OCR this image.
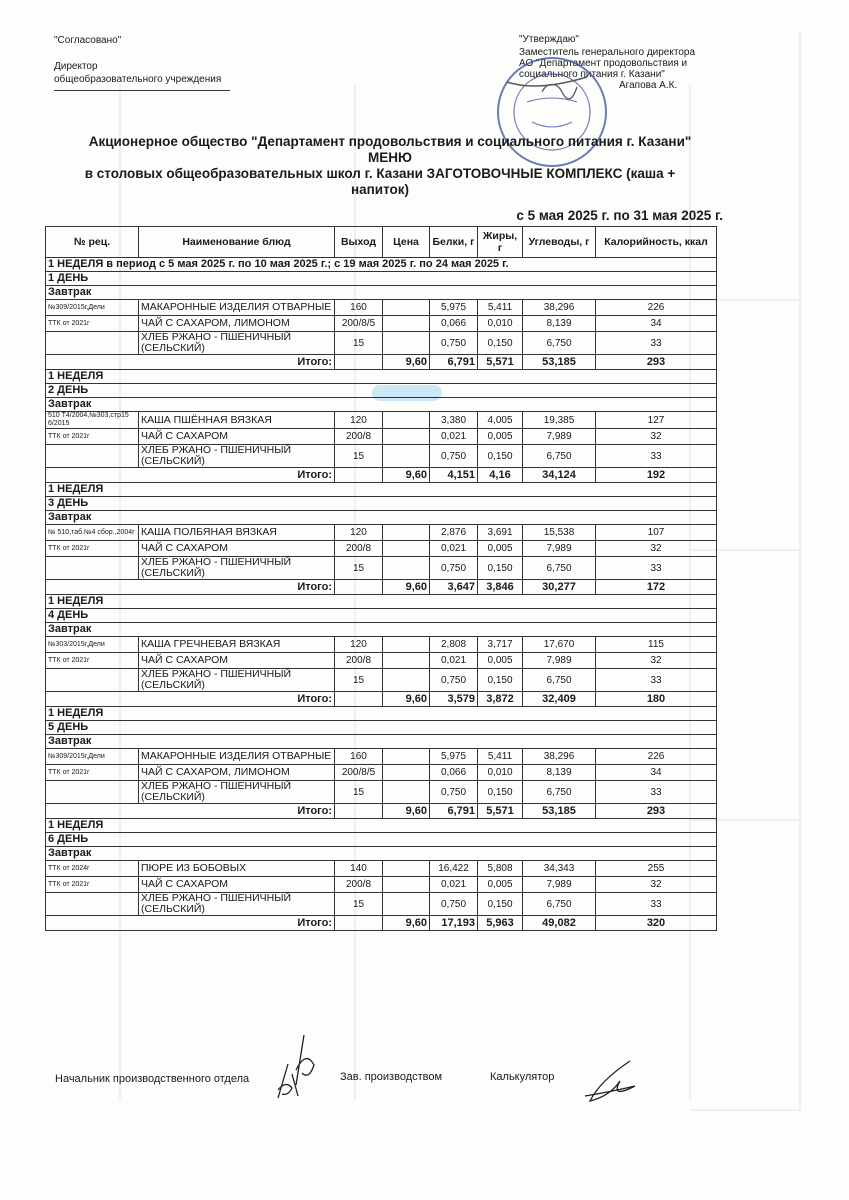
"Согласовано"
Директор
общеобразовательного учреждения
"Утверждаю"
Заместитель генерального директора
АО "Департамент продовольствия и
социального питания г. Казани"
Агапова А.К.
Акционерное общество "Департамент продовольствия и социального питания г. Казани"
МЕНЮ
в столовых общеобразовательных школ г. Казани ЗАГОТОВОЧНЫЕ КОМПЛЕКС (каша + напиток)
с 5 мая 2025 г. по 31 мая 2025 г.
№ рец.	Наименование блюд	Выход	Цена	Белки, г	Жиры, г	Углеводы, г	Калорийность, ккал
1 НЕДЕЛЯ в период с 5 мая 2025 г. по 10 мая 2025 г.; с 19 мая 2025 г. по 24 мая 2025 г.							
1 ДЕНЬ							
Завтрак							
№309/2015г,Дели	МАКАРОННЫЕ ИЗДЕЛИЯ ОТВАРНЫЕ	160		5,975	5,411	38,296	226
ТТК от 2021г	ЧАЙ С САХАРОМ, ЛИМОНОМ	200/8/5		0,066	0,010	8,139	34
	ХЛЕБ РЖАНО - ПШЕНИЧНЫЙ (СЕЛЬСКИЙ)	15		0,750	0,150	6,750	33
Итого:			9,60	6,791	5,571	53,185	293
1 НЕДЕЛЯ							
2 ДЕНЬ							
Завтрак							
510 Т4/2004,№303,стр15 6/2015	КАША ПШЁННАЯ ВЯЗКАЯ	120		3,380	4,005	19,385	127
ТТК от 2021г	ЧАЙ С САХАРОМ	200/8		0,021	0,005	7,989	32
	ХЛЕБ РЖАНО - ПШЕНИЧНЫЙ (СЕЛЬСКИЙ)	15		0,750	0,150	6,750	33
Итого:			9,60	4,151	4,16	34,124	192
1 НЕДЕЛЯ							
3 ДЕНЬ							
Завтрак							
№ 510,таб.№4 сбор.,2004г	КАША ПОЛБЯНАЯ ВЯЗКАЯ	120		2,876	3,691	15,538	107
ТТК от 2021г	ЧАЙ С САХАРОМ	200/8		0,021	0,005	7,989	32
	ХЛЕБ РЖАНО - ПШЕНИЧНЫЙ (СЕЛЬСКИЙ)	15		0,750	0,150	6,750	33
Итого:			9,60	3,647	3,846	30,277	172
1 НЕДЕЛЯ							
4 ДЕНЬ							
Завтрак							
№303/2015г,Дели	КАША ГРЕЧНЕВАЯ ВЯЗКАЯ	120		2,808	3,717	17,670	115
ТТК от 2021г	ЧАЙ С САХАРОМ	200/8		0,021	0,005	7,989	32
	ХЛЕБ РЖАНО - ПШЕНИЧНЫЙ (СЕЛЬСКИЙ)	15		0,750	0,150	6,750	33
Итого:			9,60	3,579	3,872	32,409	180
1 НЕДЕЛЯ							
5 ДЕНЬ							
Завтрак							
№309/2015г,Дели	МАКАРОННЫЕ ИЗДЕЛИЯ ОТВАРНЫЕ	160		5,975	5,411	38,296	226
ТТК от 2021г	ЧАЙ С САХАРОМ, ЛИМОНОМ	200/8/5		0,066	0,010	8,139	34
	ХЛЕБ РЖАНО - ПШЕНИЧНЫЙ (СЕЛЬСКИЙ)	15		0,750	0,150	6,750	33
Итого:			9,60	6,791	5,571	53,185	293
1 НЕДЕЛЯ							
6 ДЕНЬ							
Завтрак							
ТТК от 2024г	ПЮРЕ ИЗ БОБОВЫХ	140		16,422	5,808	34,343	255
ТТК от 2021г	ЧАЙ С САХАРОМ	200/8		0,021	0,005	7,989	32
	ХЛЕБ РЖАНО - ПШЕНИЧНЫЙ (СЕЛЬСКИЙ)	15		0,750	0,150	6,750	33
Итого:			9,60	17,193	5,963	49,082	320
Начальник производственного отдела	Зав. производством	Калькулятор
